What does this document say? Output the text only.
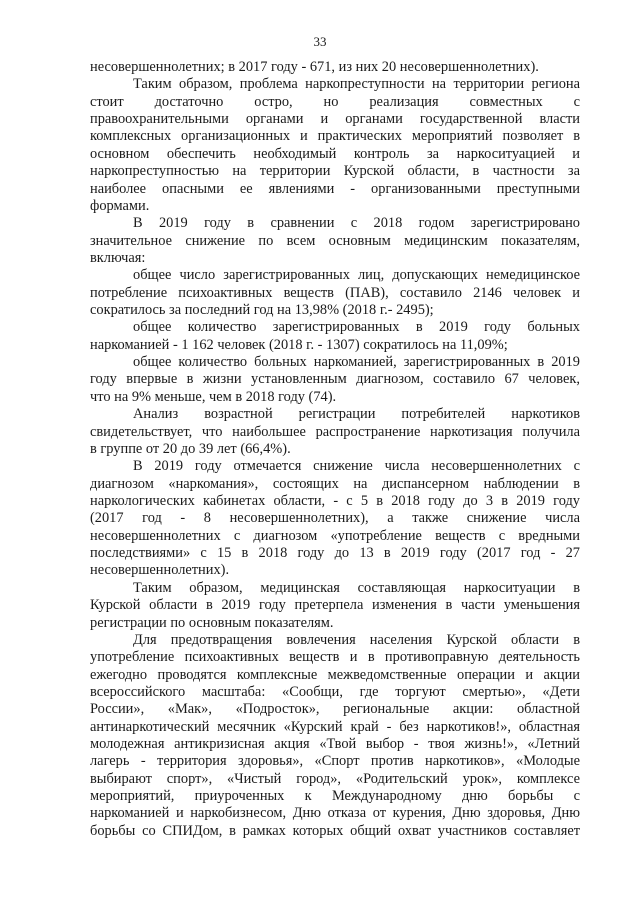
33
несовершеннолетних; в 2017 году - 671, из них 20 несовершеннолетних).
Таким образом, проблема наркопреступности на территории региона
стоит достаточно остро, но реализация совместных с
правоохранительными органами и органами государственной власти
комплексных организационных и практических мероприятий позволяет в
основном обеспечить необходимый контроль за наркоситуацией и
наркопреступностью на территории Курской области, в частности за
наиболее опасными ее явлениями - организованными преступными
формами.
В 2019 году в сравнении с 2018 годом зарегистрировано
значительное снижение по всем основным медицинским показателям,
включая:
общее число зарегистрированных лиц, допускающих немедицинское
потребление психоактивных веществ (ПАВ), составило 2146 человек и
сократилось за последний год на 13,98% (2018 г.- 2495);
общее количество зарегистрированных в 2019 году больных
наркоманией - 1 162 человек (2018 г. - 1307) сократилось на 11,09%;
общее количество больных наркоманией, зарегистрированных в 2019
году впервые в жизни установленным диагнозом, составило 67 человек,
что на 9% меньше, чем в 2018 году (74).
Анализ возрастной регистрации потребителей наркотиков
свидетельствует, что наибольшее распространение наркотизация получила
в группе от 20 до 39 лет (66,4%).
В 2019 году отмечается снижение числа несовершеннолетних с
диагнозом «наркомания», состоящих на диспансерном наблюдении в
наркологических кабинетах области, - с 5 в 2018 году до 3 в 2019 году
(2017 год - 8 несовершеннолетних), а также снижение числа
несовершеннолетних с диагнозом «употребление веществ с вредными
последствиями» с 15 в 2018 году до 13 в 2019 году (2017 год - 27
несовершеннолетних).
Таким образом, медицинская составляющая наркоситуации в
Курской области в 2019 году претерпела изменения в части уменьшения
регистрации по основным показателям.
Для предотвращения вовлечения населения Курской области в
употребление психоактивных веществ и в противоправную деятельность
ежегодно проводятся комплексные межведомственные операции и акции
всероссийского масштаба: «Сообщи, где торгуют смертью», «Дети
России», «Мак», «Подросток», региональные акции: областной
антинаркотический месячник «Курский край - без наркотиков!», областная
молодежная антикризисная акция «Твой выбор - твоя жизнь!», «Летний
лагерь - территория здоровья», «Спорт против наркотиков», «Молодые
выбирают спорт», «Чистый город», «Родительский урок», комплексе
мероприятий, приуроченных к Международному дню борьбы с
наркоманией и наркобизнесом, Дню отказа от курения, Дню здоровья, Дню
борьбы со СПИДом, в рамках которых общий охват участников составляет
